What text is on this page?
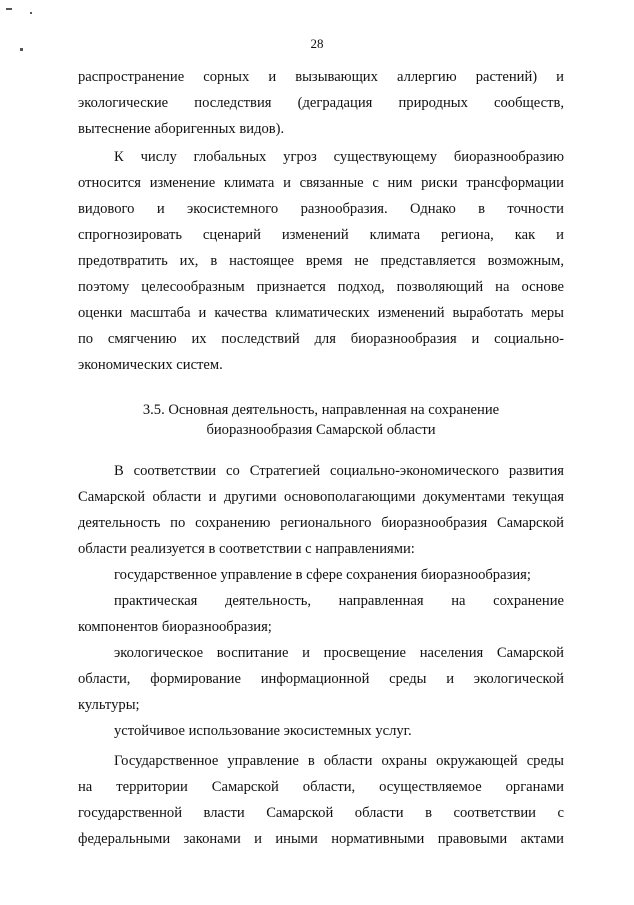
28
распространение сорных и вызывающих аллергию растений) и
экологические последствия (деградация природных сообществ,
вытеснение аборигенных видов).
К числу глобальных угроз существующему биоразнообразию
относится изменение климата и связанные с ним риски трансформации
видового и экосистемного разнообразия. Однако в точности
спрогнозировать сценарий изменений климата региона, как и
предотвратить их, в настоящее время не представляется возможным,
поэтому целесообразным признается подход, позволяющий на основе
оценки масштаба и качества климатических изменений выработать меры
по смягчению их последствий для биоразнообразия и социально-
экономических систем.
3.5. Основная деятельность, направленная на сохранение
биоразнообразия Самарской области
В соответствии со Стратегией социально-экономического развития
Самарской области и другими основополагающими документами текущая
деятельность по сохранению регионального биоразнообразия Самарской
области реализуется в соответствии с направлениями:
государственное управление в сфере сохранения биоразнообразия;
практическая деятельность, направленная на сохранение
компонентов биоразнообразия;
экологическое воспитание и просвещение населения Самарской
области, формирование информационной среды и экологической
культуры;
устойчивое использование экосистемных услуг.
Государственное управление в области охраны окружающей среды
на территории Самарской области, осуществляемое органами
государственной власти Самарской области в соответствии с
федеральными законами и иными нормативными правовыми актами
